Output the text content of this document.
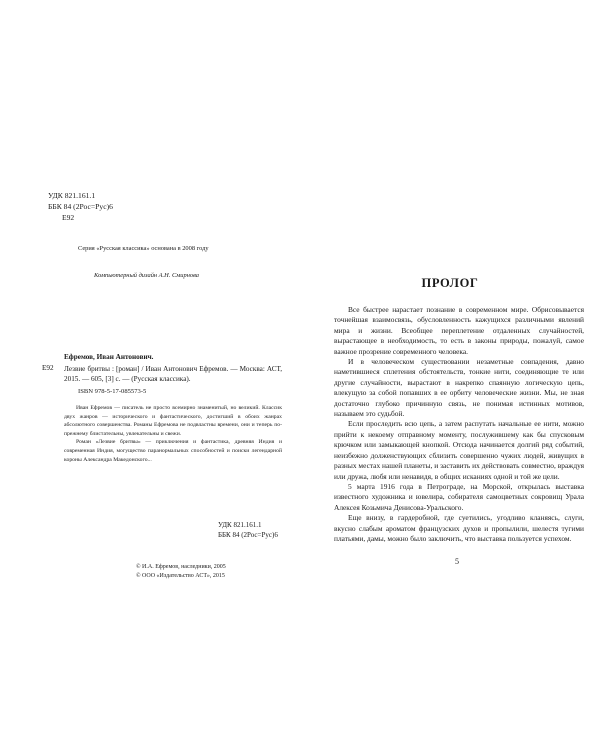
УДК 821.161.1
ББК 84 (2Рос=Рус)6
Е92
Серия «Русская классика» основана в 2008 году
Компьютерный дизайн А.Н. Смирнова
Ефремов, Иван Антонович.
Е92 Лезвие бритвы : [роман] / Иван Антонович Ефремов. — Москва: АСТ, 2015. — 605, [3] с. — (Русская классика).
ISBN 978-5-17-085573-5

Иван Ефремов — писатель не просто всемирно знаменитый, но великий. Классик двух жанров — исторического и фантастического, достигший в обоих жанрах абсолютного совершенства. Романы Ефремова не подвластны времени, они и теперь по-прежнему блистательны, увлекательны и свежи.

Роман «Лезвие бритвы» — приключения и фантастика, древняя Индия и современная Индия, могущество паранормальных способностей и поиски легендарной короны Александра Македонского...

УДК 821.161.1
ББК 84 (2Рос=Рус)6
© И.А. Ефремов, наследники, 2005
© ООО «Издательство АСТ», 2015
ПРОЛОГ

Все быстрее нарастает познание в современном мире. Обрисовывается точнейшая взаимосвязь, обусловленность кажущихся различными явлений мира и жизни. Всеобщее переплетение отдаленных случайностей, вырастающее в необходимость, то есть в законы природы, пожалуй, самое важное прозрение современного человека.

И в человеческом существовании незаметные совпадения, давно наметившиеся сплетения обстоятельств, тонкие нити, соединяющие те или другие случайности, вырастают в накрепко спаянную логическую цепь, влекущую за собой попавших в ее орбиту человеческие жизни. Мы, не зная достаточно глубоко причинную связь, не понимая истинных мотивов, называем это судьбой.

Если проследить всю цепь, а затем распутать начальные ее нити, можно прийти к некоему отправному моменту, послужившему как бы спусковым крючком или замыкающей кнопкой. Отсюда начинается долгий ряд событий, неизбежно долженствующих сблизить совершенно чужих людей, живущих в разных местах нашей планеты, и заставить их действовать совместно, враждуя или дружа, любя или ненавидя, в общих исканиях одной и той же цели.

5 марта 1916 года в Петрограде, на Морской, открылась выставка известного художника и ювелира, собирателя самоцветных сокровищ Урала Алексея Козьмича Денисова-Уральского.

Еще внизу, в гардеробной, где суетились, угодливо кланяясь, слуги, вкусно слабым ароматом французских духов и пропылили, шелестя тугими платьями, дамы, можно было заключить, что выставка пользуется успехом.

5
